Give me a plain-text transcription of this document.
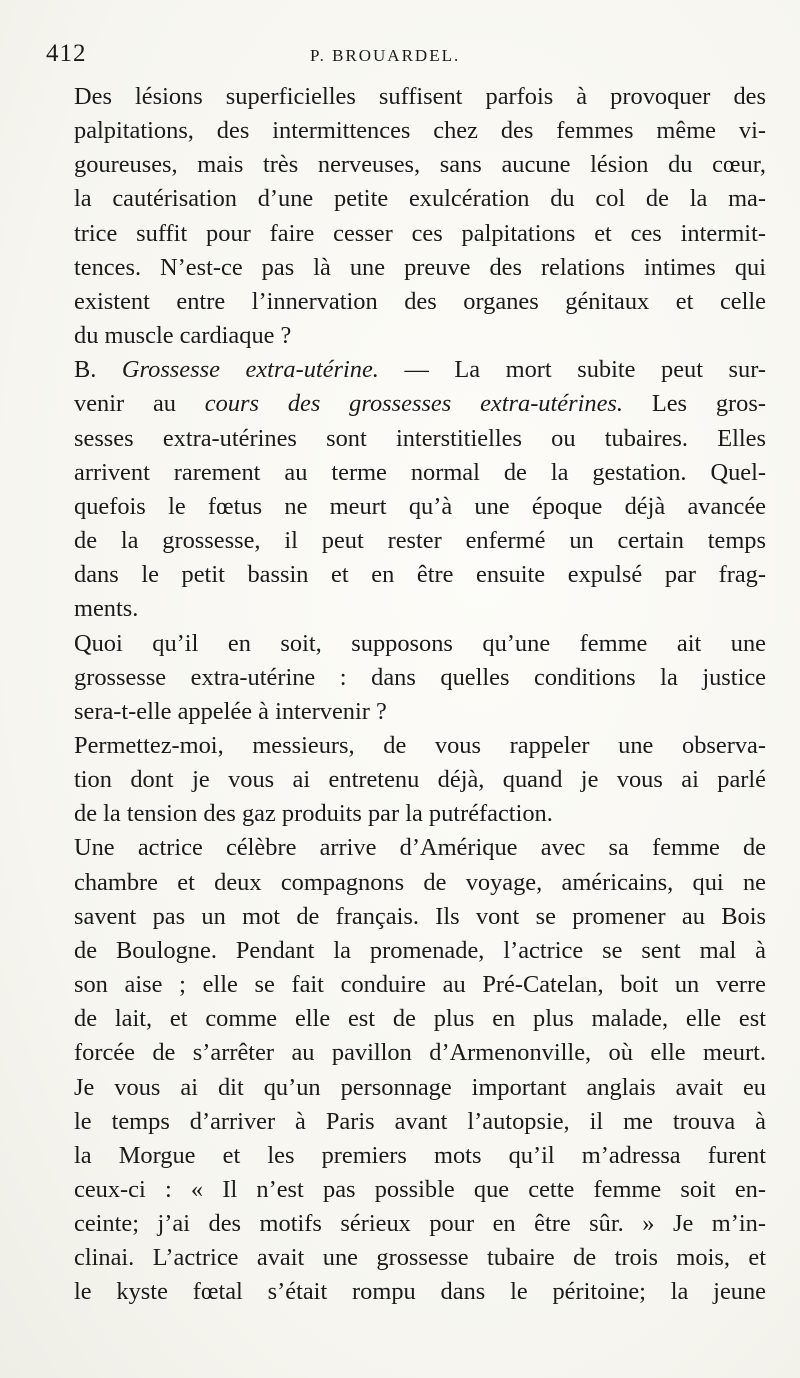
412	P. BROUARDEL.

Des lésions superficielles suffisent parfois à provoquer des
palpitations, des intermittences chez des femmes même vi-
goureuses, mais très nerveuses, sans aucune lésion du cœur,
la cautérisation d’une petite exulcération du col de la ma-
trice suffit pour faire cesser ces palpitations et ces intermit-
tences. N’est-ce pas là une preuve des relations intimes qui
existent entre l’innervation des organes génitaux et celle
du muscle cardiaque ?

B. Grossesse extra-utérine. — La mort subite peut sur-
venir au cours des grossesses extra-utérines. Les gros-
sesses extra-utérines sont interstitielles ou tubaires. Elles
arrivent rarement au terme normal de la gestation. Quel-
quefois le fœtus ne meurt qu’à une époque déjà avancée
de la grossesse, il peut rester enfermé un certain temps
dans le petit bassin et en être ensuite expulsé par frag-
ments.

Quoi qu’il en soit, supposons qu’une femme ait une
grossesse extra-utérine : dans quelles conditions la justice
sera-t-elle appelée à intervenir ?

Permettez-moi, messieurs, de vous rappeler une observa-
tion dont je vous ai entretenu déjà, quand je vous ai parlé
de la tension des gaz produits par la putréfaction.

Une actrice célèbre arrive d’Amérique avec sa femme de
chambre et deux compagnons de voyage, américains, qui ne
savent pas un mot de français. Ils vont se promener au Bois
de Boulogne. Pendant la promenade, l’actrice se sent mal à
son aise ; elle se fait conduire au Pré-Catelan, boit un verre
de lait, et comme elle est de plus en plus malade, elle est
forcée de s’arrêter au pavillon d’Armenonville, où elle meurt.
Je vous ai dit qu’un personnage important anglais avait eu
le temps d’arriver à Paris avant l’autopsie, il me trouva à
la Morgue et les premiers mots qu’il m’adressa furent
ceux-ci : « Il n’est pas possible que cette femme soit en-
ceinte; j’ai des motifs sérieux pour en être sûr. » Je m’in-
clinai. L’actrice avait une grossesse tubaire de trois mois, et
le kyste fœtal s’était rompu dans le péritoine; la jeune
